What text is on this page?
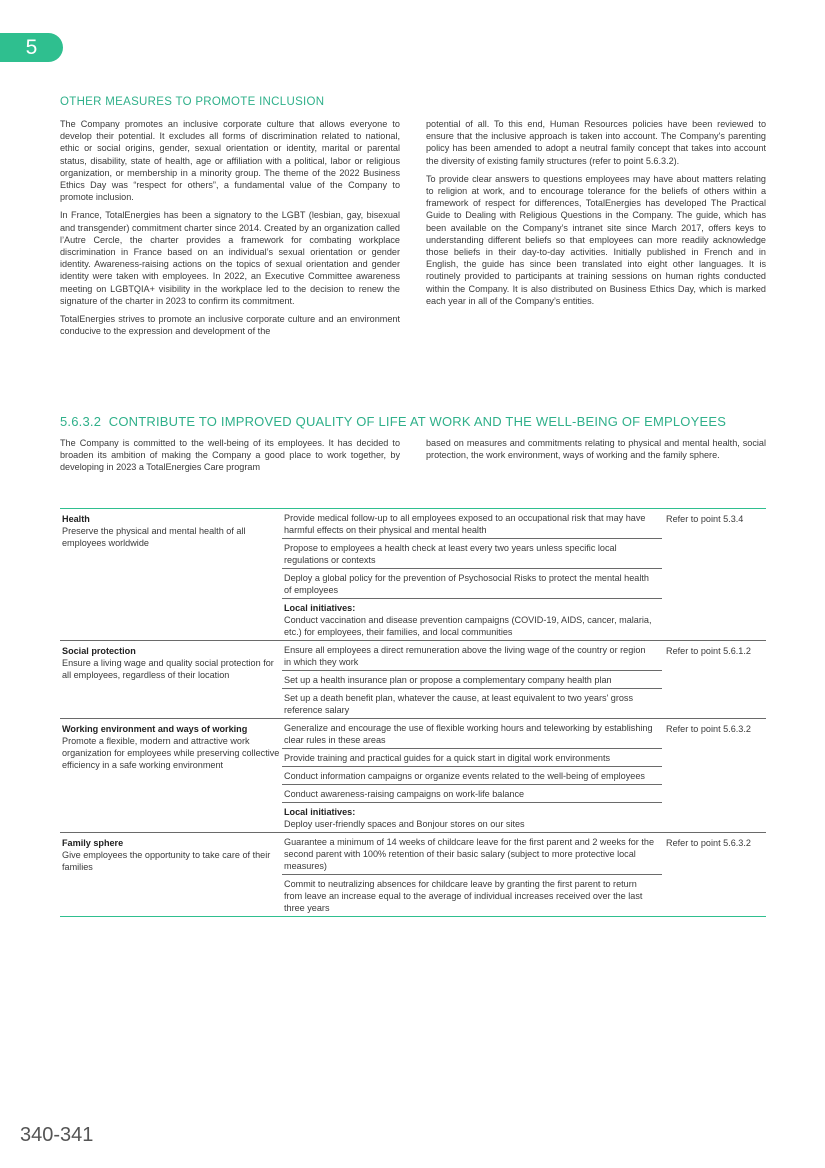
5
OTHER MEASURES TO PROMOTE INCLUSION

The Company promotes an inclusive corporate culture that allows everyone to develop their potential. It excludes all forms of discrimination related to national, ethic or social origins, gender, sexual orientation or identity, marital or parental status, disability, state of health, age or affiliation with a political, labor or religious organization, or membership in a minority group. The theme of the 2022 Business Ethics Day was “respect for others”, a fundamental value of the Company to promote inclusion.

In France, TotalEnergies has been a signatory to the LGBT (lesbian, gay, bisexual and transgender) commitment charter since 2014. Created by an organization called l’Autre Cercle, the charter provides a framework for combating workplace discrimination in France based on an individual’s sexual orientation or gender identity. Awareness-raising actions on the topics of sexual orientation and gender identity were taken with employees. In 2022, an Executive Committee awareness meeting on LGBTQIA+ visibility in the workplace led to the decision to renew the signature of the charter in 2023 to confirm its commitment.

TotalEnergies strives to promote an inclusive corporate culture and an environment conducive to the expression and development of the

potential of all. To this end, Human Resources policies have been reviewed to ensure that the inclusive approach is taken into account. The Company's parenting policy has been amended to adopt a neutral family concept that takes into account the diversity of existing family structures (refer to point 5.6.3.2).

To provide clear answers to questions employees may have about matters relating to religion at work, and to encourage tolerance for the beliefs of others within a framework of respect for differences, TotalEnergies has developed The Practical Guide to Dealing with Religious Questions in the Company. The guide, which has been available on the Company’s intranet site since March 2017, offers keys to understanding different beliefs so that employees can more readily acknowledge those beliefs in their day-to-day activities. Initially published in French and in English, the guide has since been translated into eight other languages. It is routinely provided to participants at training sessions on human rights conducted within the Company. It is also distributed on Business Ethics Day, which is marked each year in all of the Company’s entities.

5.6.3.2  CONTRIBUTE TO IMPROVED QUALITY OF LIFE AT WORK AND THE WELL-BEING OF EMPLOYEES

The Company is committed to the well-being of its employees. It has decided to broaden its ambition of making the Company a good place to work together, by developing in 2023 a TotalEnergies Care program

based on measures and commitments relating to physical and mental health, social protection, the work environment, ways of working and the family sphere.

Health
Preserve the physical and mental health of all employees worldwide
Provide medical follow-up to all employees exposed to an occupational risk that may have harmful effects on their physical and mental health
Propose to employees a health check at least every two years unless specific local regulations or contexts
Deploy a global policy for the prevention of Psychosocial Risks to protect the mental health of employees
Local initiatives:
Conduct vaccination and disease prevention campaigns (COVID-19, AIDS, cancer, malaria, etc.) for employees, their families, and local communities
Refer to point 5.3.4
Social protection
Ensure a living wage and quality social protection for all employees, regardless of their location
Ensure all employees a direct remuneration above the living wage of the country or region in which they work
Set up a health insurance plan or propose a complementary company health plan
Set up a death benefit plan, whatever the cause, at least equivalent to two years' gross reference salary
Refer to point 5.6.1.2
Working environment and ways of working
Promote a flexible, modern and attractive work organization for employees while preserving collective efficiency in a safe working environment
Generalize and encourage the use of flexible working hours and teleworking by establishing clear rules in these areas
Provide training and practical guides for a quick start in digital work environments
Conduct information campaigns or organize events related to the well-being of employees
Conduct awareness-raising campaigns on work-life balance
Local initiatives:
Deploy user-friendly spaces and Bonjour stores on our sites
Refer to point 5.6.3.2
Family sphere
Give employees the opportunity to take care of their families
Guarantee a minimum of 14 weeks of childcare leave for the first parent and 2 weeks for the second parent with 100% retention of their basic salary (subject to more protective local measures)
Commit to neutralizing absences for childcare leave by granting the first parent to return from leave an increase equal to the average of individual increases received over the last three years
Refer to point 5.6.3.2
340-341
